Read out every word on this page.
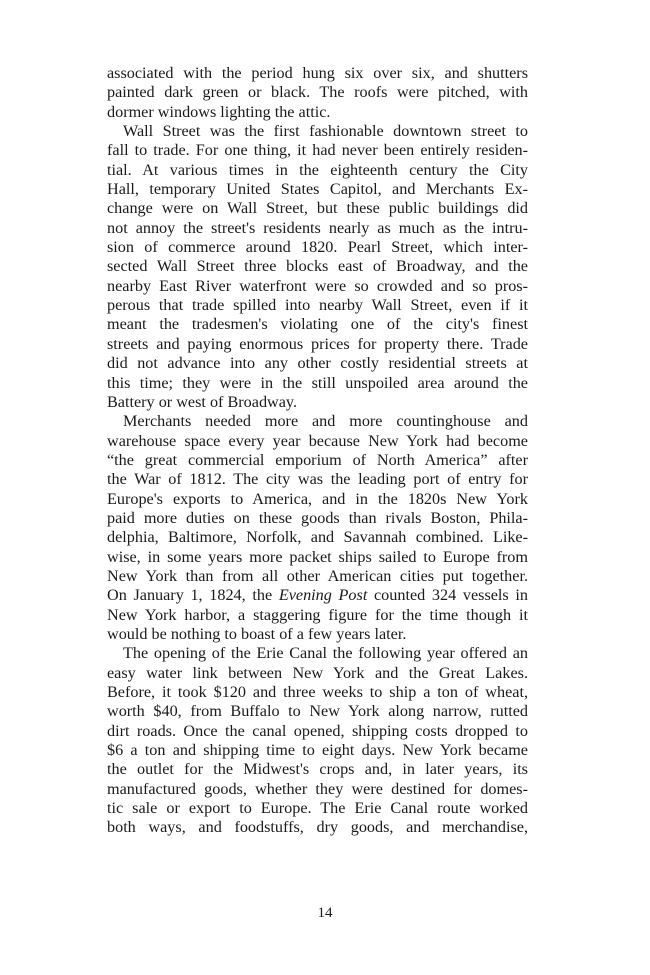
associated with the period hung six over six, and shutters
painted dark green or black. The roofs were pitched, with
dormer windows lighting the attic.
Wall Street was the first fashionable downtown street to
fall to trade. For one thing, it had never been entirely residen-
tial. At various times in the eighteenth century the City
Hall, temporary United States Capitol, and Merchants Ex-
change were on Wall Street, but these public buildings did
not annoy the street's residents nearly as much as the intru-
sion of commerce around 1820. Pearl Street, which inter-
sected Wall Street three blocks east of Broadway, and the
nearby East River waterfront were so crowded and so pros-
perous that trade spilled into nearby Wall Street, even if it
meant the tradesmen's violating one of the city's finest
streets and paying enormous prices for property there. Trade
did not advance into any other costly residential streets at
this time; they were in the still unspoiled area around the
Battery or west of Broadway.
Merchants needed more and more countinghouse and
warehouse space every year because New York had become
“the great commercial emporium of North America” after
the War of 1812. The city was the leading port of entry for
Europe's exports to America, and in the 1820s New York
paid more duties on these goods than rivals Boston, Phila-
delphia, Baltimore, Norfolk, and Savannah combined. Like-
wise, in some years more packet ships sailed to Europe from
New York than from all other American cities put together.
On January 1, 1824, the Evening Post counted 324 vessels in
New York harbor, a staggering figure for the time though it
would be nothing to boast of a few years later.
The opening of the Erie Canal the following year offered an
easy water link between New York and the Great Lakes.
Before, it took $120 and three weeks to ship a ton of wheat,
worth $40, from Buffalo to New York along narrow, rutted
dirt roads. Once the canal opened, shipping costs dropped to
$6 a ton and shipping time to eight days. New York became
the outlet for the Midwest's crops and, in later years, its
manufactured goods, whether they were destined for domes-
tic sale or export to Europe. The Erie Canal route worked
both ways, and foodstuffs, dry goods, and merchandise,
14
